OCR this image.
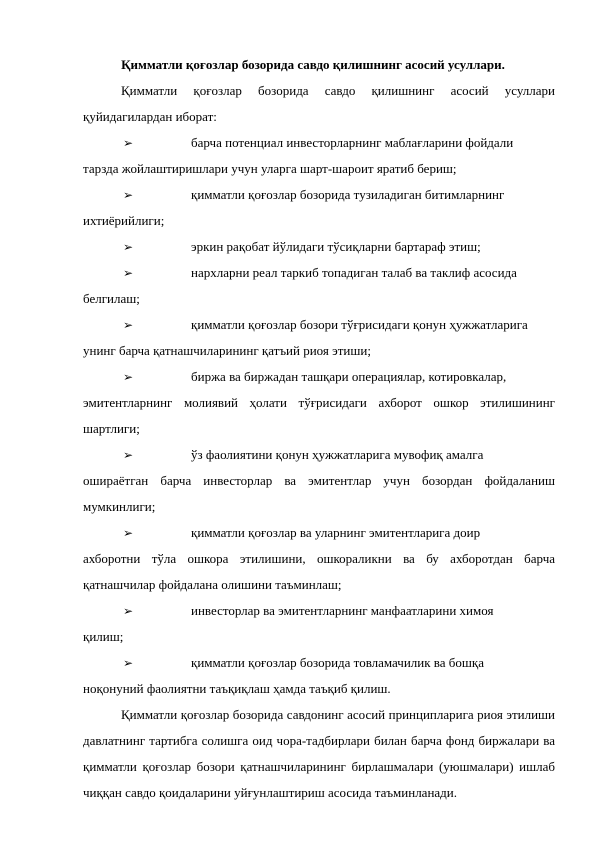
Қимматли қоғозлар бозорида савдо қилишнинг асосий усуллари.
Қимматли қоғозлар бозорида савдо қилишнинг асосий усуллари қуйидагилардан иборат:
➢	барча потенциал инвесторларнинг маблағларини фойдали
тарзда жойлаштиришлари учун уларга шарт-шароит яратиб бериш;
➢	қимматли қоғозлар бозорида тузиладиган битимларнинг
ихтиёрийлиги;
➢	эркин рақобат йўлидаги тўсиқларни бартараф этиш;
➢	нархларни реал таркиб топадиган талаб ва таклиф асосида
белгилаш;
➢	қимматли қоғозлар бозори тўғрисидаги қонун ҳужжатларига
унинг барча қатнашчиларининг қатъий риоя этиши;
➢	биржа ва биржадан ташқари операциялар, котировкалар,
эмитентларнинг молиявий ҳолати тўғрисидаги ахборот ошкор этилишининг шартлиги;
➢	ўз фаолиятини қонун ҳужжатларига мувофиқ амалга
оширaётган барча инвесторлар ва эмитентлар учун бозордан фойдаланиш мумкинлиги;
➢	қимматли қоғозлар ва уларнинг эмитентларига доир
ахборотни тўла ошкора этилишини, ошкораликни ва бу ахборотдан барча қатнашчилар фойдалана олишини таъминлаш;
➢	инвесторлар ва эмитентларнинг манфаатларини химоя
қилиш;
➢	қимматли қоғозлар бозорида товламачилик ва бошқа
ноқонуний фаолиятни таъқиқлаш ҳамда таъқиб қилиш.
Қимматли қоғозлар бозорида савдонинг асосий принципларига риоя этилиши давлатнинг тартибга солишга оид чора-тадбирлари билан барча фонд биржалари ва қимматли қоғозлар бозори қатнашчиларининг бирлашмалари (уюшмалари) ишлаб чиққан савдо қоидаларини уйғунлаштириш асосида таъминланади.
